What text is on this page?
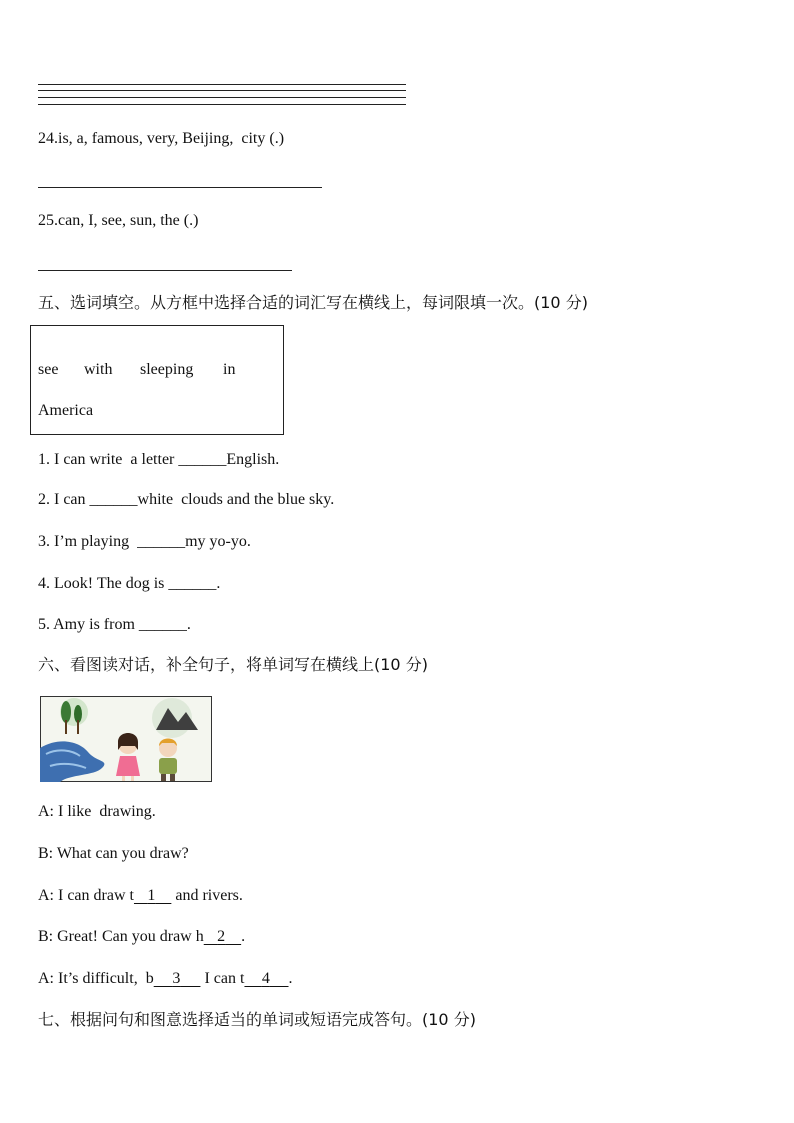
24.is, a, famous, very, Beijing,  city (.)
25.can, I, see, sun, the (.)
五、选词填空。从方框中选择合适的词汇写在横线上，每词限填一次。(10 分)
see with sleeping in
America
1. I can write  a letter ______English.
2. I can ______white  clouds and the blue sky.
3. I’m playing  ______my yo-yo.
4. Look! The dog is ______.
5. Amy is from ______.
六、看图读对话，补全句子，将单词写在横线上(10 分)
A: I like  drawing.
B: What can you draw?
A: I can draw t           1             and rivers.
B: Great! Can you draw h           2             .
A: It’s difficult,  b               3                I can t              4               .
七、根据问句和图意选择适当的单词或短语完成答句。(10 分)
